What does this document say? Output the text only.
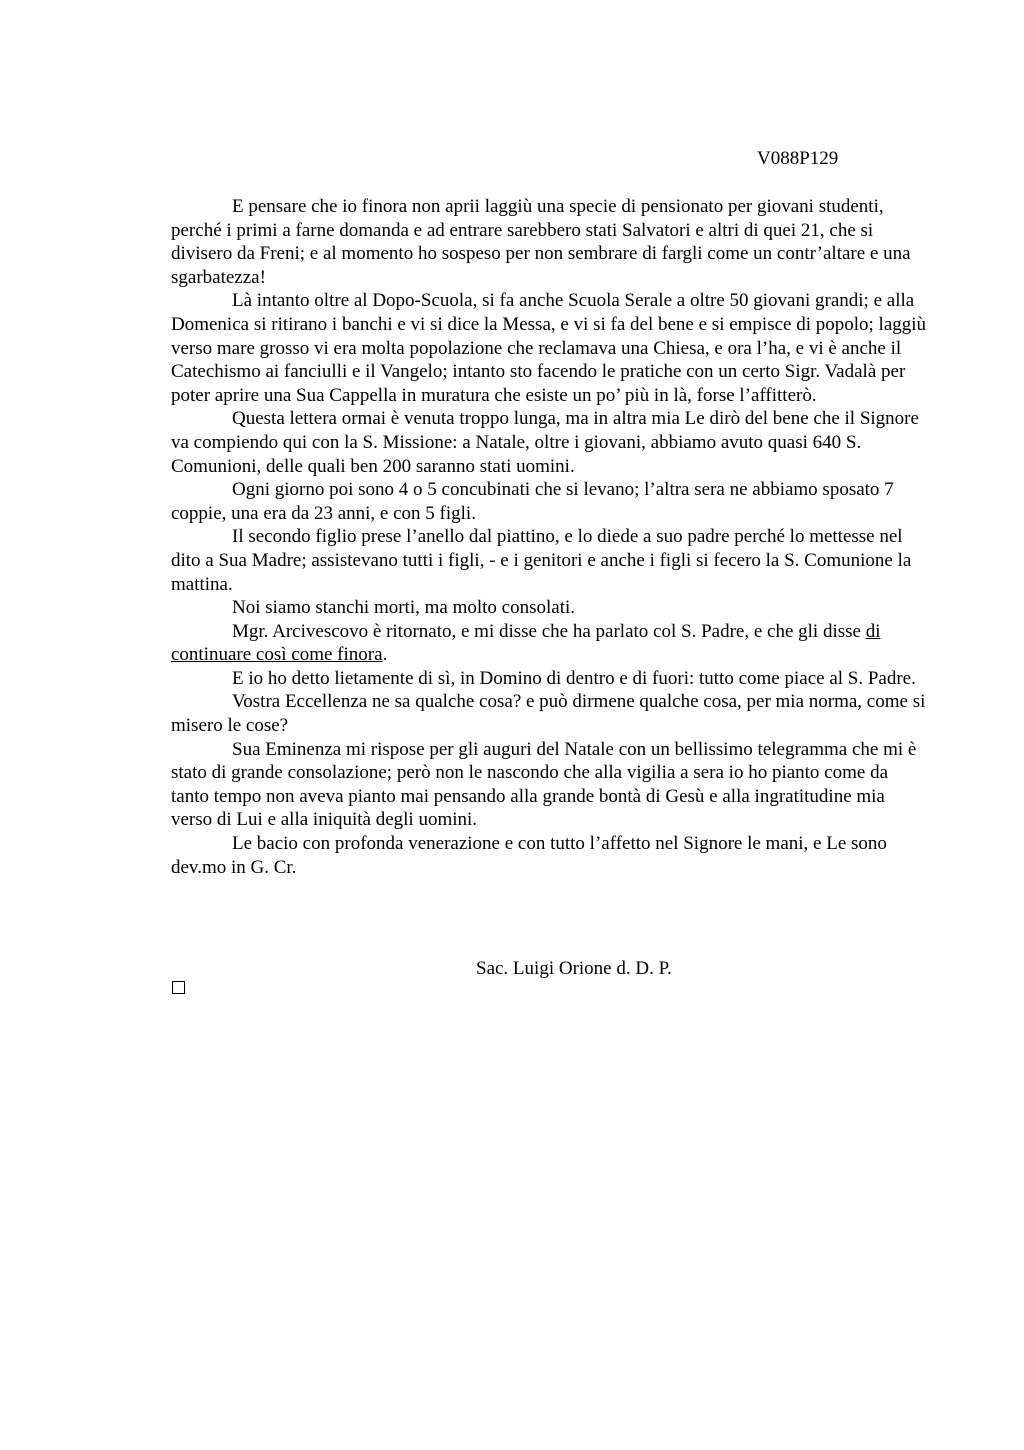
V088P129

E pensare che io finora non aprii laggiù una specie di pensionato per giovani studenti, perché i primi a farne domanda e ad entrare sarebbero stati Salvatori e altri di quei 21, che si divisero da Freni; e al momento ho sospeso per non sembrare di fargli come un contr’altare e una sgarbatezza!

Là intanto oltre al Dopo-Scuola, si fa anche Scuola Serale a oltre 50 giovani grandi; e alla Domenica si ritirano i banchi e vi si dice la Messa, e vi si fa del bene e si empisce di popolo; laggiù verso mare grosso vi era molta popolazione che reclamava una Chiesa, e ora l’ha, e vi è anche il Catechismo ai fanciulli e il Vangelo; intanto sto facendo le pratiche con un certo Sigr. Vadalà per poter aprire una Sua Cappella in muratura che esiste un po’ più in là, forse l’affitterò.

Questa lettera ormai è venuta troppo lunga, ma in altra mia Le dirò del bene che il Signore va compiendo qui con la S. Missione: a Natale, oltre i giovani, abbiamo avuto quasi 640 S. Comunioni, delle quali ben 200 saranno stati uomini.

Ogni giorno poi sono 4 o 5 concubinati che si levano; l’altra sera ne abbiamo sposato 7 coppie, una era da 23 anni, e con 5 figli.

Il secondo figlio prese l’anello dal piattino, e lo diede a suo padre perché lo mettesse nel dito a Sua Madre; assistevano tutti i figli, - e i genitori e anche i figli si fecero la S. Comunione la mattina.

Noi siamo stanchi morti, ma molto consolati.

Mgr. Arcivescovo è ritornato, e mi disse che ha parlato col S. Padre, e che gli disse di continuare così come finora.

E io ho detto lietamente di sì, in Domino di dentro e di fuori: tutto come piace al S. Padre.

Vostra Eccellenza ne sa qualche cosa? e può dirmene qualche cosa, per mia norma, come si misero le cose?

Sua Eminenza mi rispose per gli auguri del Natale con un bellissimo telegramma che mi è stato di grande consolazione; però non le nascondo che alla vigilia a sera io ho pianto come da tanto tempo non aveva pianto mai pensando alla grande bontà di Gesù e alla ingratitudine mia verso di Lui e alla iniquità degli uomini.

Le bacio con profonda venerazione e con tutto l’affetto nel Signore le mani, e Le sono dev.mo in G. Cr.

Sac. Luigi Orione d. D. P.
